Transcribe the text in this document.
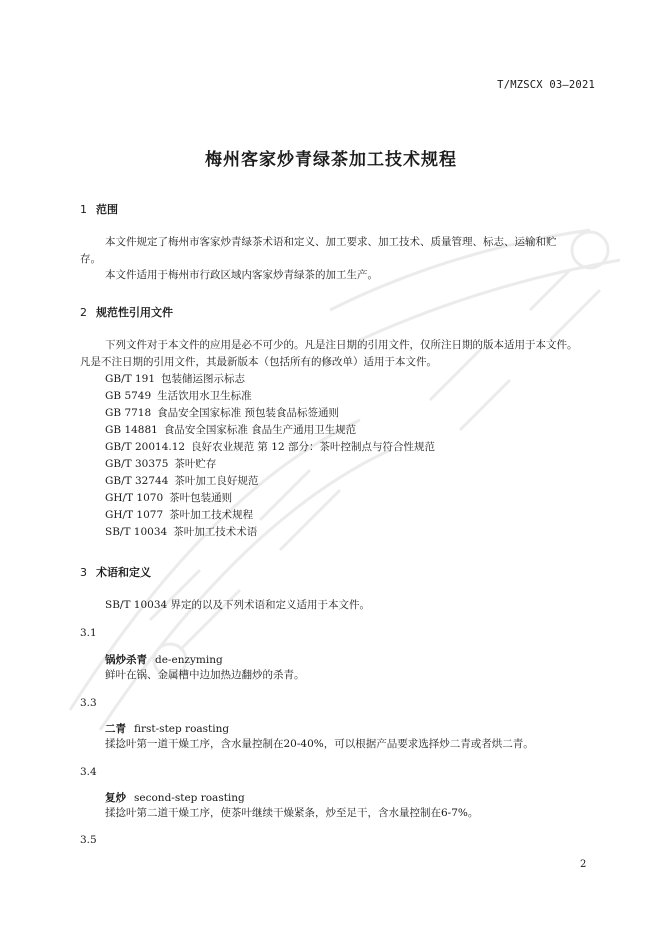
T/MZSCX 03—2021
梅州客家炒青绿茶加工技术规程
1 范围
本文件规定了梅州市客家炒青绿茶术语和定义、加工要求、加工技术、质量管理、标志、运输和贮
存。
本文件适用于梅州市行政区域内客家炒青绿茶的加工生产。
2 规范性引用文件
下列文件对于本文件的应用是必不可少的。凡是注日期的引用文件，仅所注日期的版本适用于本文件。
凡是不注日期的引用文件，其最新版本（包括所有的修改单）适用于本文件。
GB/T 191 包装储运图示标志
GB 5749 生活饮用水卫生标准
GB 7718 食品安全国家标准 预包装食品标签通则
GB 14881 食品安全国家标准 食品生产通用卫生规范
GB/T 20014.12 良好农业规范 第 12 部分：茶叶控制点与符合性规范
GB/T 30375 茶叶贮存
GB/T 32744 茶叶加工良好规范
GH/T 1070 茶叶包装通则
GH/T 1077 茶叶加工技术规程
SB/T 10034 茶叶加工技术术语
3 术语和定义
SB/T 10034 界定的以及下列术语和定义适用于本文件。
3.1
锅炒杀青 de-enzyming
鲜叶在锅、金属槽中边加热边翻炒的杀青。
3.3
二青 first-step roasting
揉捻叶第一道干燥工序，含水量控制在20-40%，可以根据产品要求选择炒二青或者烘二青。
3.4
复炒 second-step roasting
揉捻叶第二道干燥工序，使茶叶继续干燥紧条，炒至足干，含水量控制在6-7%。
3.5
2
